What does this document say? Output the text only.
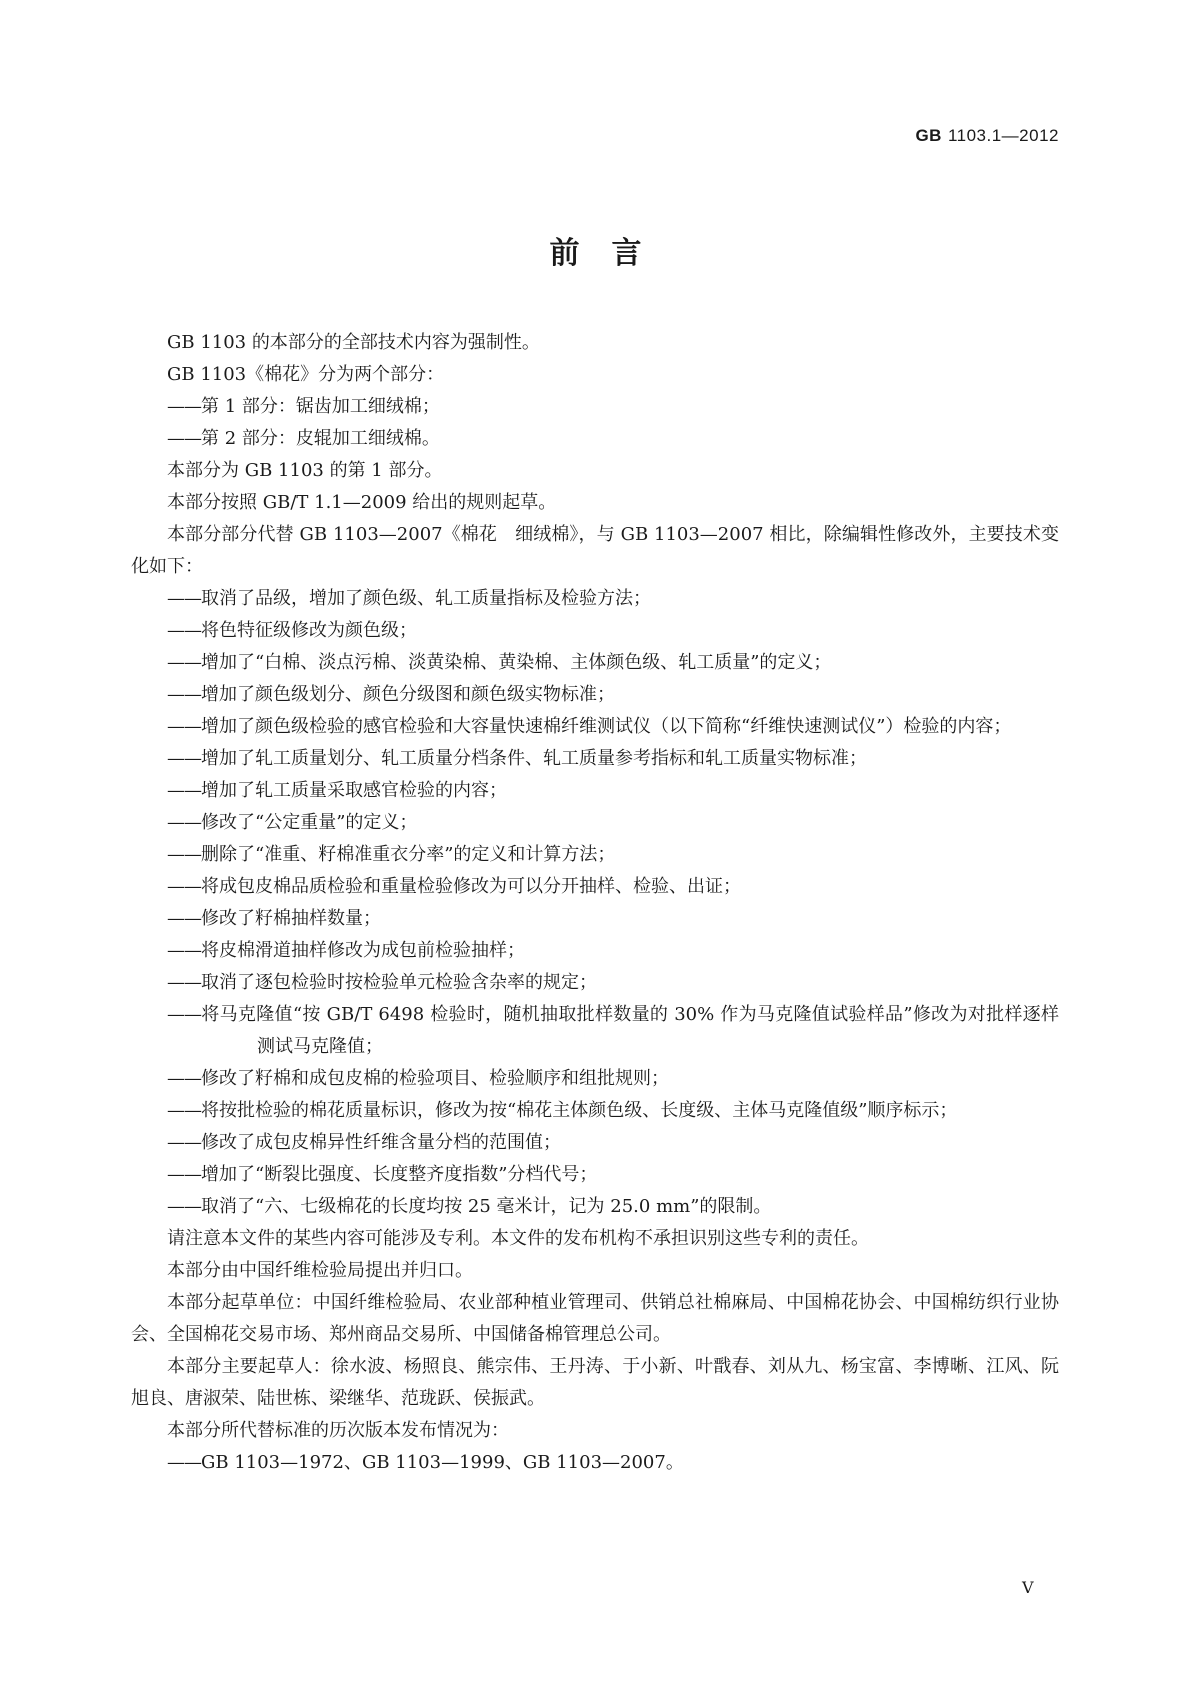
GB 1103.1—2012
前言

GB 1103 的本部分的全部技术内容为强制性。

GB 1103《棉花》分为两个部分：

——第 1 部分：锯齿加工细绒棉；

——第 2 部分：皮辊加工细绒棉。

本部分为 GB 1103 的第 1 部分。

本部分按照 GB/T 1.1—2009 给出的规则起草。

本部分部分代替 GB 1103—2007《棉花　细绒棉》，与 GB 1103—2007 相比，除编辑性修改外，主要技术变化如下：

——取消了品级，增加了颜色级、轧工质量指标及检验方法；

——将色特征级修改为颜色级；

——增加了“白棉、淡点污棉、淡黄染棉、黄染棉、主体颜色级、轧工质量”的定义；

——增加了颜色级划分、颜色分级图和颜色级实物标准；

——增加了颜色级检验的感官检验和大容量快速棉纤维测试仪（以下简称“纤维快速测试仪”）检验的内容；

——增加了轧工质量划分、轧工质量分档条件、轧工质量参考指标和轧工质量实物标准；

——增加了轧工质量采取感官检验的内容；

——修改了“公定重量”的定义；

——删除了“准重、籽棉准重衣分率”的定义和计算方法；

——将成包皮棉品质检验和重量检验修改为可以分开抽样、检验、出证；

——修改了籽棉抽样数量；

——将皮棉滑道抽样修改为成包前检验抽样；

——取消了逐包检验时按检验单元检验含杂率的规定；

——将马克隆值“按 GB/T 6498 检验时，随机抽取批样数量的 30% 作为马克隆值试验样品”修改为对批样逐样测试马克隆值；

——修改了籽棉和成包皮棉的检验项目、检验顺序和组批规则；

——将按批检验的棉花质量标识，修改为按“棉花主体颜色级、长度级、主体马克隆值级”顺序标示；

——修改了成包皮棉异性纤维含量分档的范围值；

——增加了“断裂比强度、长度整齐度指数”分档代号；

——取消了“六、七级棉花的长度均按 25 毫米计，记为 25.0 mm”的限制。

请注意本文件的某些内容可能涉及专利。本文件的发布机构不承担识别这些专利的责任。

本部分由中国纤维检验局提出并归口。

本部分起草单位：中国纤维检验局、农业部种植业管理司、供销总社棉麻局、中国棉花协会、中国棉纺织行业协会、全国棉花交易市场、郑州商品交易所、中国储备棉管理总公司。

本部分主要起草人：徐水波、杨照良、熊宗伟、王丹涛、于小新、叶戬春、刘从九、杨宝富、李博晰、江风、阮旭良、唐淑荣、陆世栋、梁继华、范珑跃、侯振武。

本部分所代替标准的历次版本发布情况为：

——GB 1103—1972、GB 1103—1999、GB 1103—2007。

V
